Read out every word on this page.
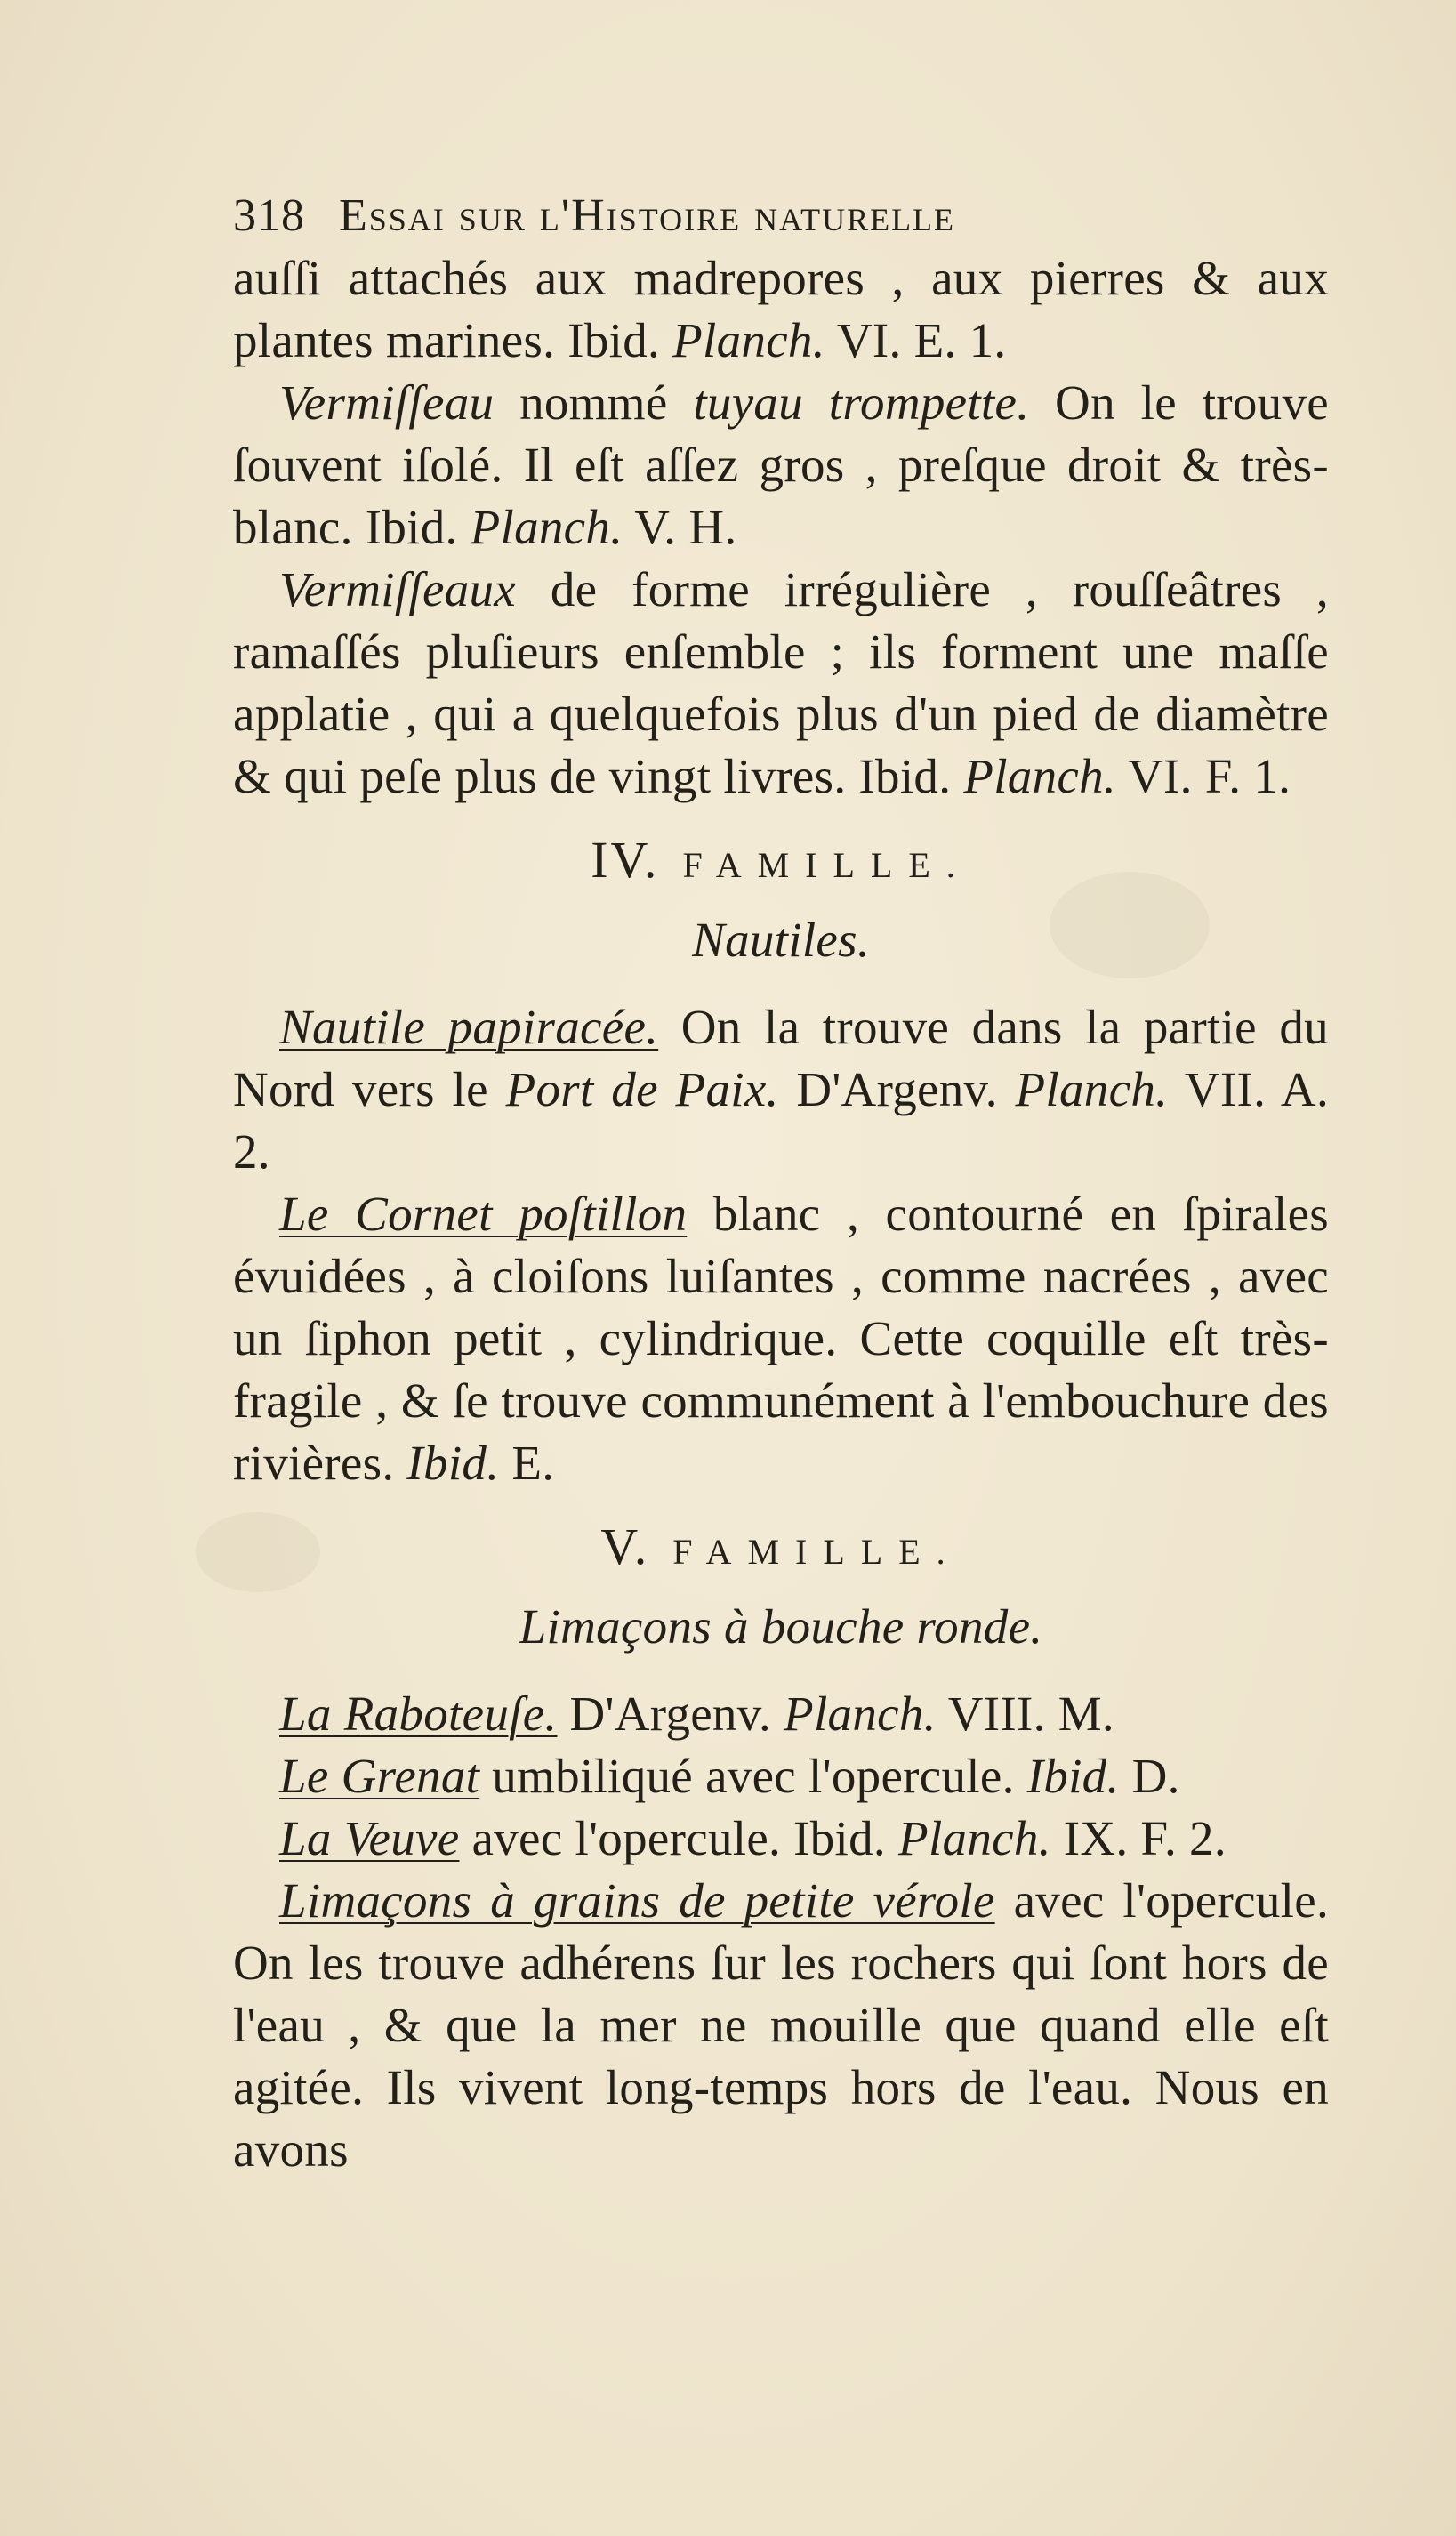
318 Essai sur l'Histoire naturelle

auſſi attachés aux madrepores , aux pierres & aux plantes marines. Ibid. Planch. VI. E. 1.

Vermiſſeau nommé tuyau trompette. On le trouve ſouvent iſolé. Il eſt aſſez gros , preſque droit & très-blanc. Ibid. Planch. V. H.

Vermiſſeaux de forme irrégulière , rouſſeâtres , ramaſſés pluſieurs enſemble ; ils forment une maſſe applatie , qui a quelquefois plus d'un pied de diamètre & qui peſe plus de vingt livres. Ibid. Planch. VI. F. 1.

IV. FAMILLE.
Nautiles.

Nautile papiracée. On la trouve dans la partie du Nord vers le Port de Paix. D'Argenv. Planch. VII. A. 2.

Le Cornet poſtillon blanc , contourné en ſpirales évuidées , à cloiſons luiſantes , comme nacrées , avec un ſiphon petit , cylindrique. Cette coquille eſt très-fragile , & ſe trouve communément à l'embouchure des rivières. Ibid. E.

V. FAMILLE.
Limaçons à bouche ronde.

La Raboteuſe. D'Argenv. Planch. VIII. M.

Le Grenat umbiliqué avec l'opercule. Ibid. D.

La Veuve avec l'opercule. Ibid. Planch. IX. F. 2.

Limaçons à grains de petite vérole avec l'opercule. On les trouve adhérens ſur les rochers qui ſont hors de l'eau , & que la mer ne mouille que quand elle eſt agitée. Ils vivent long-temps hors de l'eau. Nous en avons
